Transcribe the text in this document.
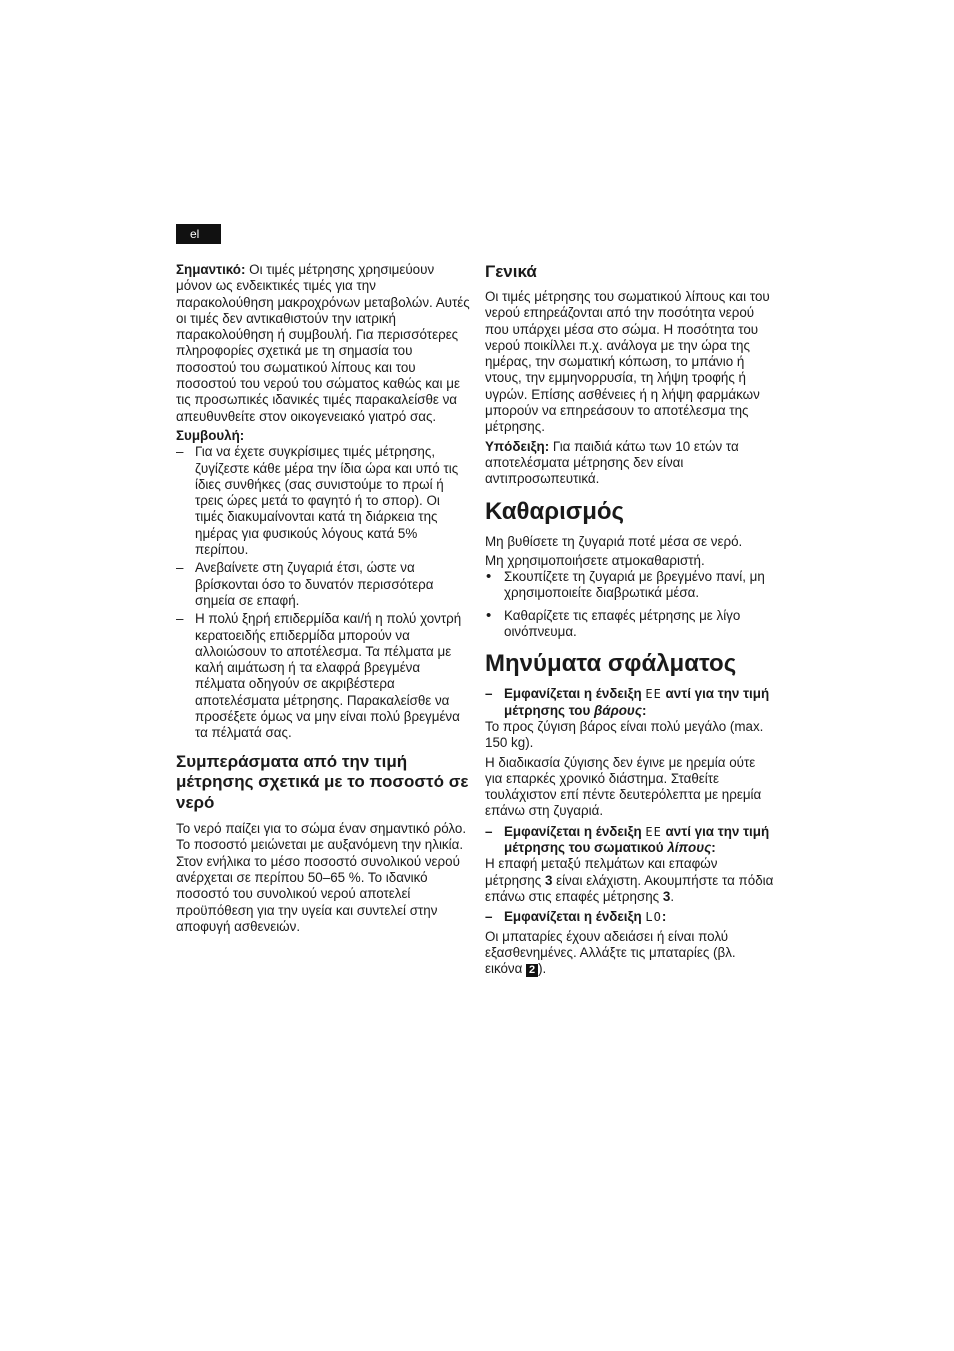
el

Σημαντικό: Οι τιμές μέτρησης χρησιμεύουν μόνον ως ενδεικτικές τιμές για την παρακολούθηση μακροχρόνων μεταβολών. Αυτές οι τιμές δεν αντικαθιστούν την ιατρική παρακολούθηση ή συμβουλή. Για περισσότερες πληροφορίες σχετικά με τη σημασία του ποσοστού του σωματικού λίπους και του ποσοστού του νερού του σώματος καθώς και με τις προσωπικές ιδανικές τιμές παρακαλείσθε να απευθυνθείτε στον οικογενειακό γιατρό σας.

Συμβουλή:

– Για να έχετε συγκρίσιμες τιμές μέτρησης, ζυγίζεστε κάθε μέρα την ίδια ώρα και υπό τις ίδιες συνθήκες (σας συνιστούμε το πρωί ή τρεις ώρες μετά το φαγητό ή το σπορ). Οι τιμές διακυμαίνονται κατά τη διάρκεια της ημέρας για φυσικούς λόγους κατά 5% περίπου.
– Ανεβαίνετε στη ζυγαριά έτσι, ώστε να βρίσκονται όσο το δυνατόν περισσότερα σημεία σε επαφή.
– Η πολύ ξηρή επιδερμίδα και/ή η πολύ χοντρή κερατοειδής επιδερμίδα μπορούν να αλλοιώσουν το αποτέλεσμα. Τα πέλματα με καλή αιμάτωση ή τα ελαφρά βρεγμένα πέλματα οδηγούν σε ακριβέστερα αποτελέσματα μέτρησης. Παρακαλείσθε να προσέξετε όμως να μην είναι πολύ βρεγμένα τα πέλματά σας.
Συμπεράσματα από την τιμή μέτρησης σχετικά με το ποσοστό σε νερό

Το νερό παίζει για το σώμα έναν σημαντικό ρόλο. Το ποσοστό μειώνεται με αυξανόμενη την ηλικία. Στον ενήλικα το μέσο ποσοστό συνολικού νερού ανέρχεται σε περίπου 50–65 %. Το ιδανικό ποσοστό του συνολικού νερού αποτελεί προϋπόθεση για την υγεία και συντελεί στην αποφυγή ασθενειών.

Γενικά

Οι τιμές μέτρησης του σωματικού λίπους και του νερού επηρεάζονται από την ποσότητα νερού που υπάρχει μέσα στο σώμα. Η ποσότητα του νερού ποικίλλει π.χ. ανάλογα με την ώρα της ημέρας, την σωματική κόπωση, το μπάνιο ή ντους, την εμμηνορρυσία, τη λήψη τροφής ή υγρών. Επίσης ασθένειες ή η λήψη φαρμάκων μπορούν να επηρεάσουν το αποτέλεσμα της μέτρησης.

Υπόδειξη: Για παιδιά κάτω των 10 ετών τα αποτελέσματα μέτρησης δεν είναι αντιπροσωπευτικά.

Καθαρισμός

Μη βυθίσετε τη ζυγαριά ποτέ μέσα σε νερό.

Μη χρησιμοποιήσετε ατμοκαθαριστή.

• Σκουπίζετε τη ζυγαριά με βρεγμένο πανί, μη χρησιμοποιείτε διαβρωτικά μέσα.
• Καθαρίζετε τις επαφές μέτρησης με λίγο οινόπνευμα.
Μηνύματα σφάλματος
– Εμφανίζεται η ένδειξη EE αντί για την τιμή μέτρησης του βάρους:

Το προς ζύγιση βάρος είναι πολύ μεγάλο (max. 150 kg).

Η διαδικασία ζύγισης δεν έγινε με ηρεμία ούτε για επαρκές χρονικό διάστημα. Σταθείτε τουλάχιστον επί πέντε δευτερόλεπτα με ηρεμία επάνω στη ζυγαριά.

– Εμφανίζεται η ένδειξη EE αντί για την τιμή μέτρησης του σωματικού λίπους:

Η επαφή μεταξύ πελμάτων και επαφών μέτρησης 3 είναι ελάχιστη. Ακουμπήστε τα πόδια επάνω στις επαφές μέτρησης 3.

– Εμφανίζεται η ένδειξη LO:

Οι μπαταρίες έχουν αδειάσει ή είναι πολύ εξασθενημένες. Αλλάξτε τις μπαταρίες (βλ. εικόνα 2 ).
